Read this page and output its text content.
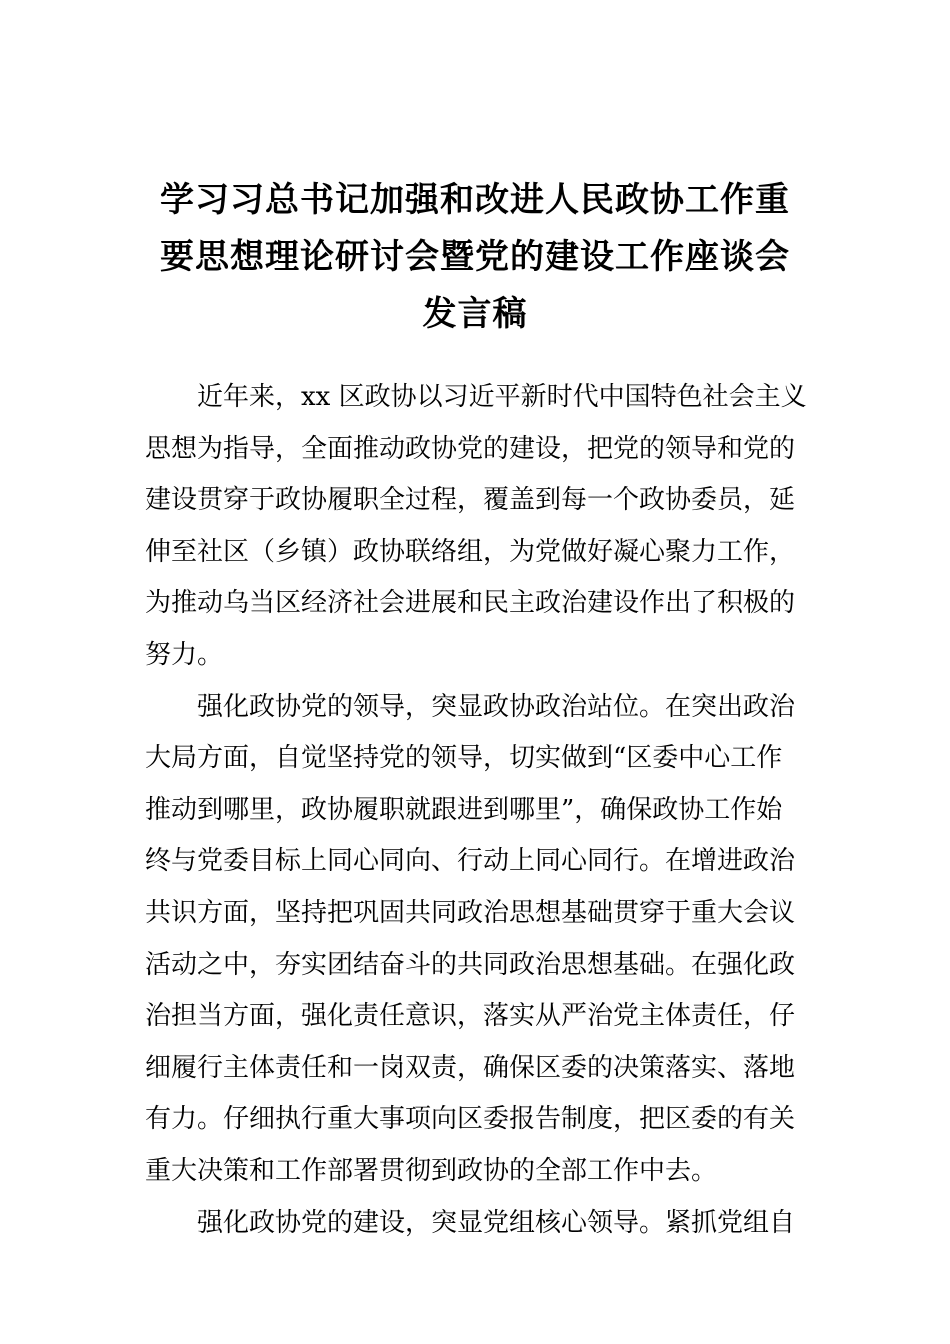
学习习总书记加强和改进人民政协工作重
要思想理论研讨会暨党的建设工作座谈会
发言稿

近年来，xx 区政协以习近平新时代中国特色社会主义
思想为指导，全面推动政协党的建设，把党的领导和党的
建设贯穿于政协履职全过程，覆盖到每一个政协委员，延
伸至社区（乡镇）政协联络组，为党做好凝心聚力工作，
为推动乌当区经济社会进展和民主政治建设作出了积极的
努力。

强化政协党的领导，突显政协政治站位。在突出政治
大局方面，自觉坚持党的领导，切实做到“区委中心工作
推动到哪里，政协履职就跟进到哪里”，确保政协工作始
终与党委目标上同心同向、行动上同心同行。在增进政治
共识方面，坚持把巩固共同政治思想基础贯穿于重大会议
活动之中，夯实团结奋斗的共同政治思想基础。在强化政
治担当方面，强化责任意识，落实从严治党主体责任，仔
细履行主体责任和一岗双责，确保区委的决策落实、落地
有力。仔细执行重大事项向区委报告制度，把区委的有关
重大决策和工作部署贯彻到政协的全部工作中去。

强化政协党的建设，突显党组核心领导。紧抓党组自
